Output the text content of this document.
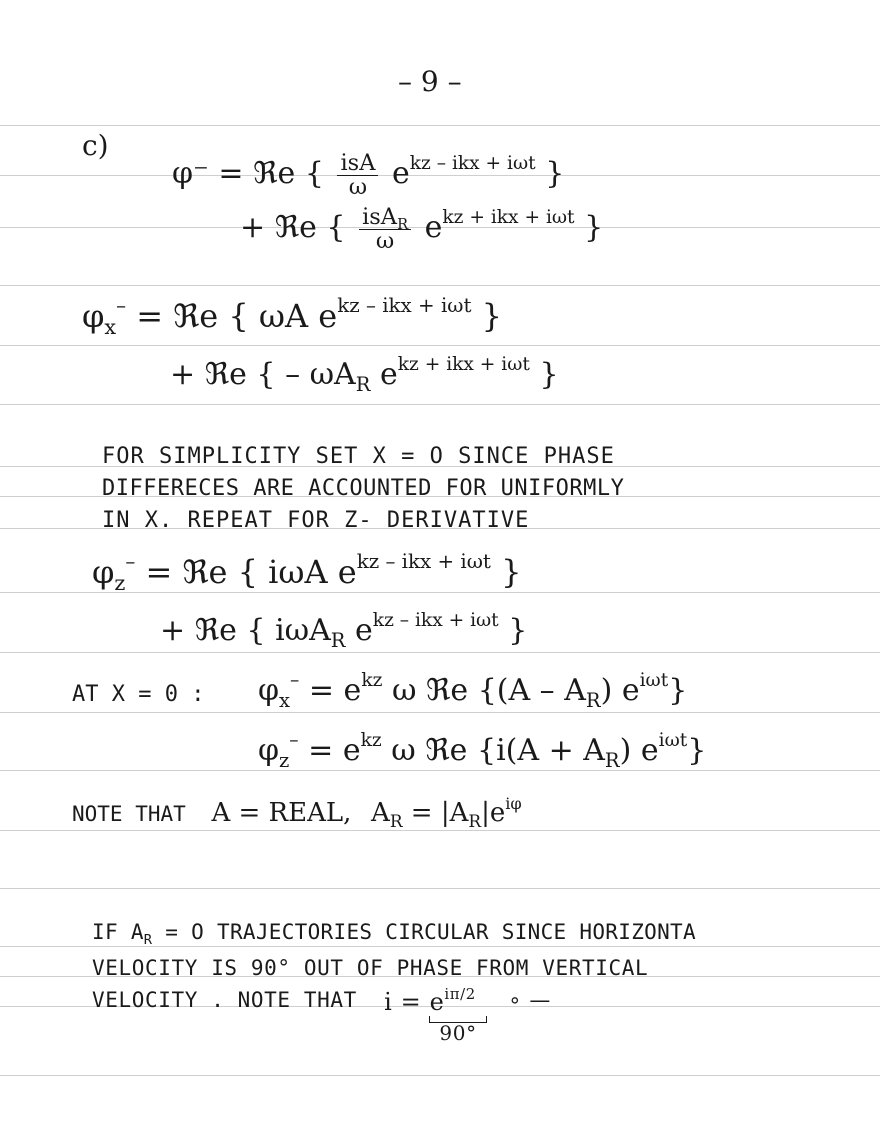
– 9 –
c)
φ⁻ = ℜe { $\frac{\text{isA}}{\omega} e^{kz - ikx + i\omega t}$ }
+ ℜe { $\frac{isA_R}{\omega} e^{kz + ikx + i\omega t}$ }
$\varphi_x^-$ = ℜe { ωA $e^{kz - ikx + i\omega t}$ }
+ ℜe { – $\omega A_R$ $e^{kz + ikx + i\omega t}$ }
FOR SIMPLICITY SET X = O SINCE PHASE
DIFFERECES ARE ACCOUNTED FOR UNIFORMLY
IN X. REPEAT FOR Z- DERIVATIVE
$\varphi_z^-$ = ℜe { iωA $e^{kz - ikx + i\omega t}$ }
+ ℜe { iωA$_R$ $e^{kz - ikx + i\omega t}$ }
AT X = 0 : $\varphi_x^- = e^{kz}$ ω ℜe {$(A - A_R)$ $e^{i\omega t}$}
$\varphi_z^- = e^{kz}$ ω ℜe {$i(A + A_R)$ $e^{i\omega t}$}
NOTE THAT A = REAL, $A_R = |A_R|e^{i\varphi}$
IF $A_R = O$ TRAJECTORIES CIRCULAR SINCE HORIZONTA
VELOCITY IS 90° OUT OF PHASE FROM VERTICAL
VELOCITY . NOTE THAT $i = e^{i\pi/2}$

90°
∘ —
